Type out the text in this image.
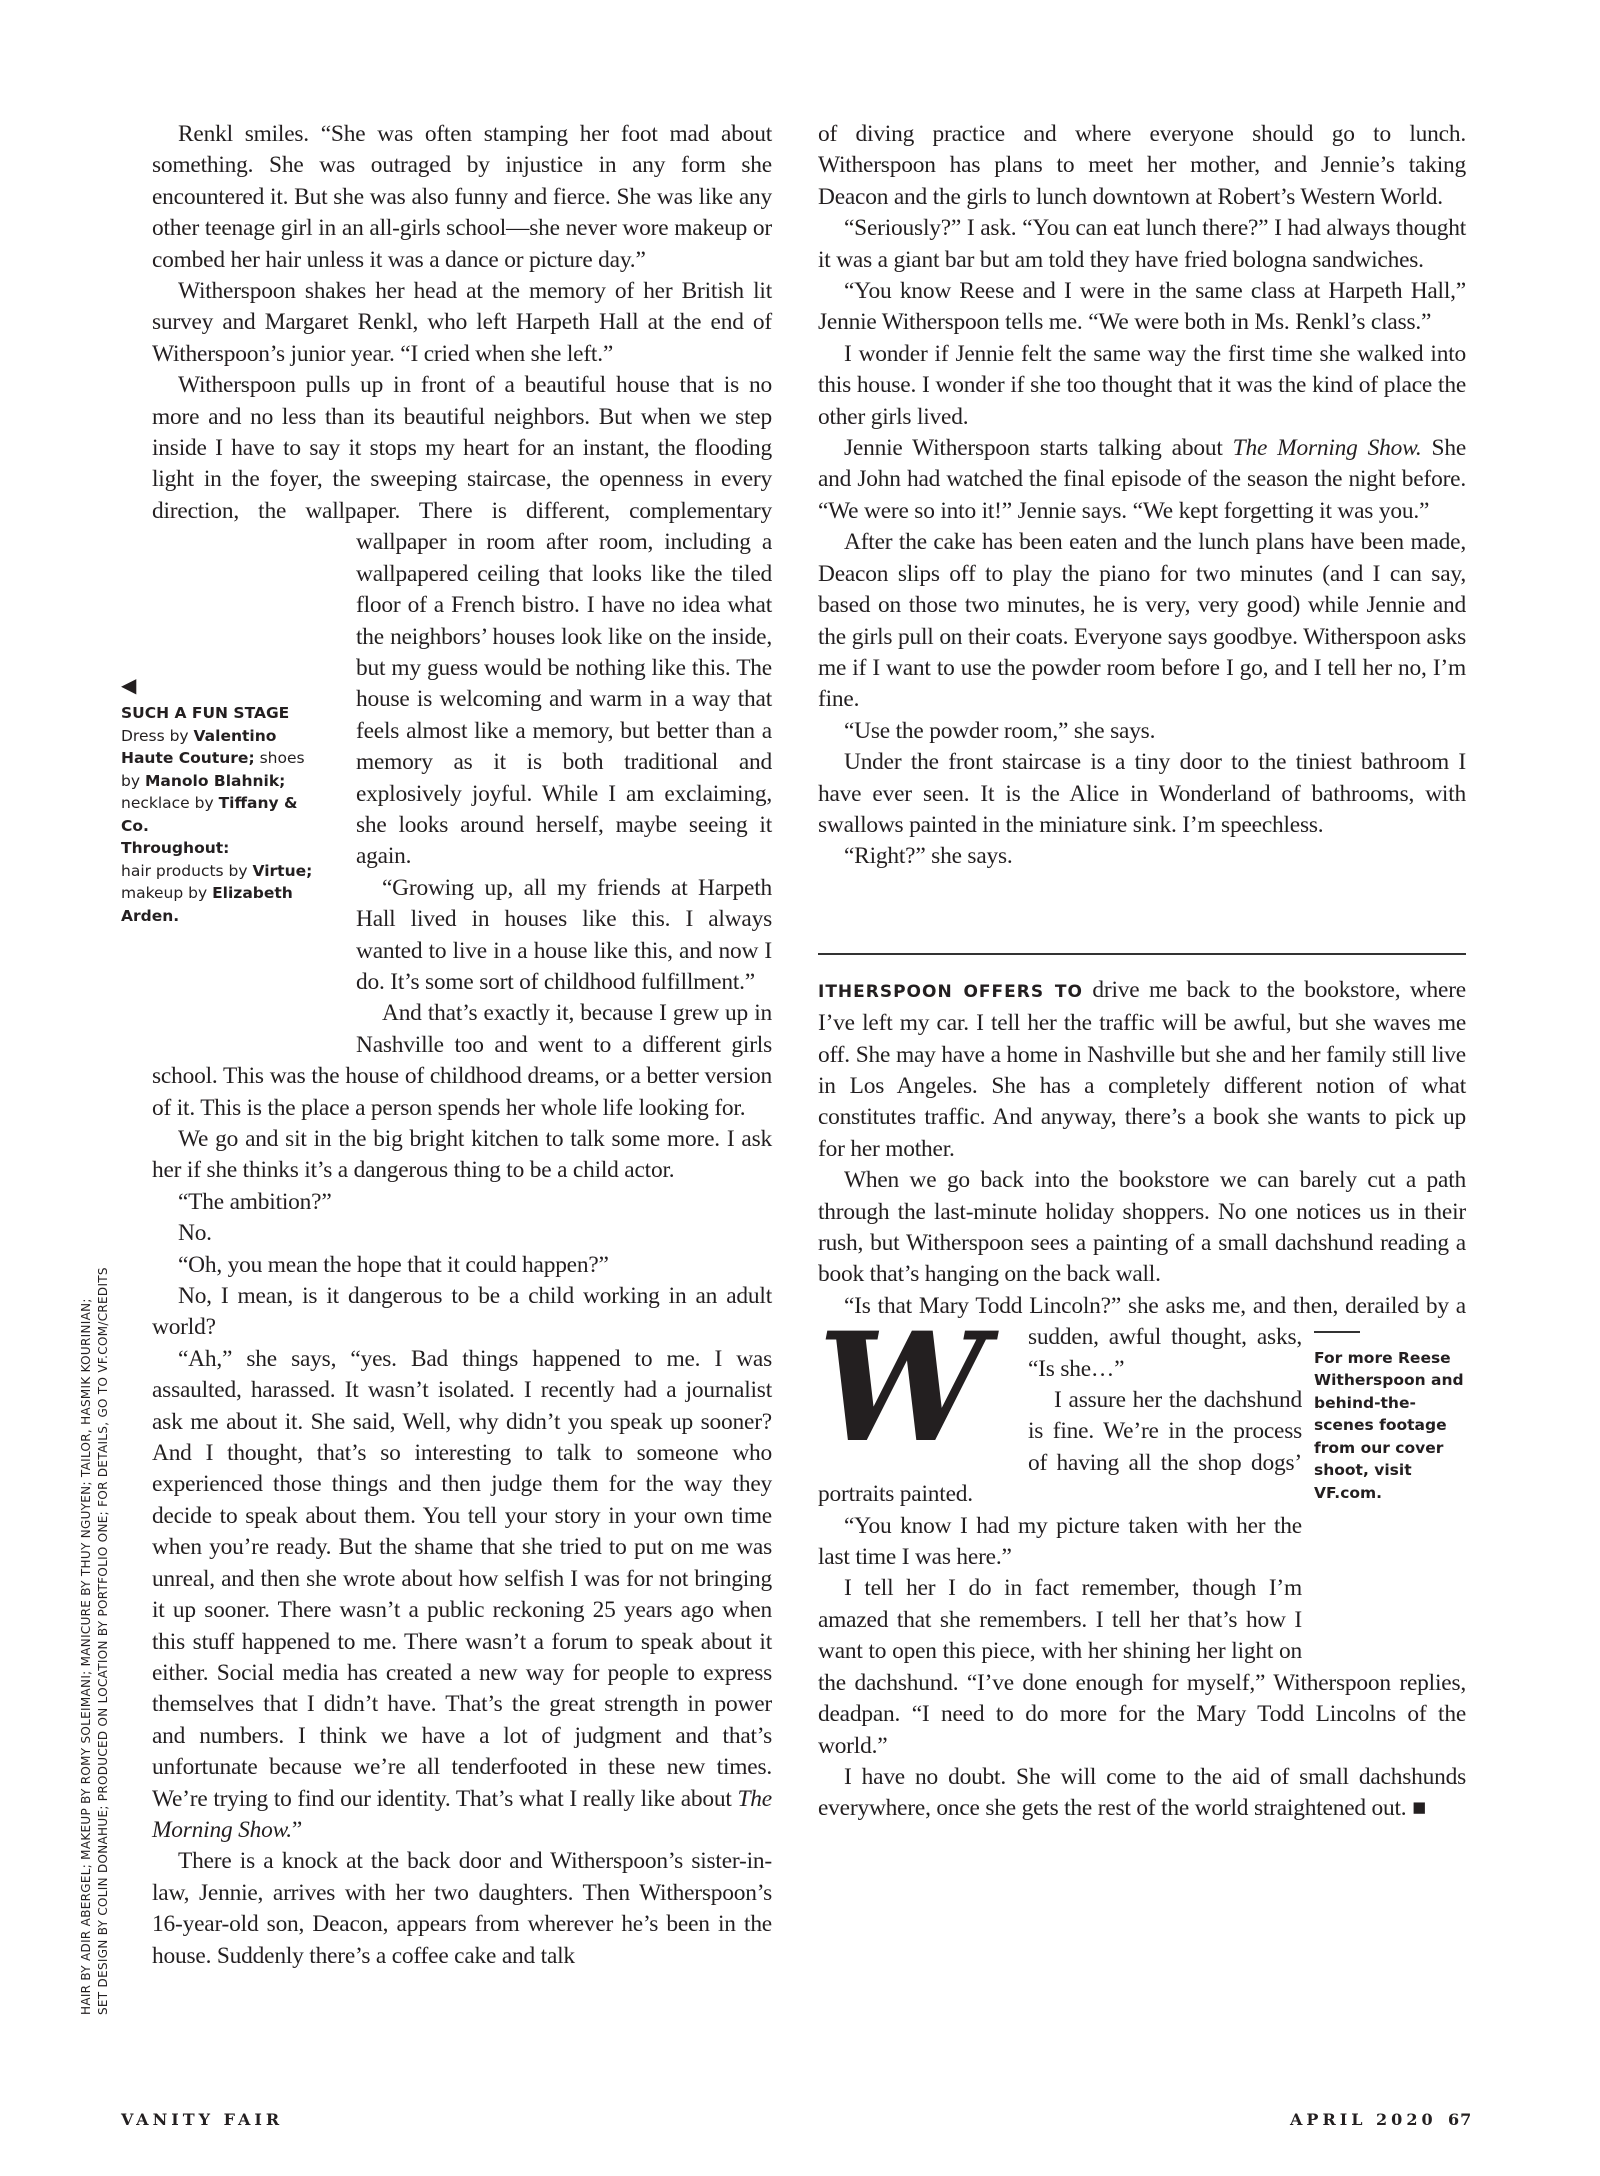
◀
SUCH A FUN STAGE
Dress by Valentino Haute Couture; shoes by Manolo Blahnik; necklace by Tiffany & Co.
Throughout:
hair products by Virtue; makeup by Elizabeth Arden.

Renkl smiles. “She was often stamping her foot mad about something. She was outraged by injustice in any form she encountered it. But she was also funny and fierce. She was like any other teenage girl in an all-girls school—she never wore makeup or combed her hair unless it was a dance or picture day.”

Witherspoon shakes her head at the memory of her British lit survey and Margaret Renkl, who left Harpeth Hall at the end of Witherspoon’s junior year. “I cried when she left.”

Witherspoon pulls up in front of a beautiful house that is no more and no less than its beautiful neighbors. But when we step inside I have to say it stops my heart for an instant, the flooding light in the foyer, the sweeping staircase, the openness in every direction, the wallpaper. There is different, complementary wallpaper in room after room, including a wallpapered ceiling that looks like the tiled floor of a French bistro. I have no idea what the neighbors’ houses look like on the inside, but my guess would be nothing like this. The house is welcoming and warm in a way that feels almost like a memory, but better than a memory as it is both traditional and explosively joyful. While I am exclaiming, she looks around herself, maybe seeing it again.

“Growing up, all my friends at Harpeth Hall lived in houses like this. I always wanted to live in a house like this, and now I do. It’s some sort of childhood fulfillment.”

And that’s exactly it, because I grew up in Nashville too and went to a different girls school. This was the house of childhood dreams, or a better version of it. This is the place a person spends her whole life looking for.

We go and sit in the big bright kitchen to talk some more. I ask her if she thinks it’s a dangerous thing to be a child actor.

“The ambition?”

No.

“Oh, you mean the hope that it could happen?”

No, I mean, is it dangerous to be a child working in an adult world?

“Ah,” she says, “yes. Bad things happened to me. I was assaulted, harassed. It wasn’t isolated. I recently had a journalist ask me about it. She said, Well, why didn’t you speak up sooner? And I thought, that’s so interesting to talk to someone who experienced those things and then judge them for the way they decide to speak about them. You tell your story in your own time when you’re ready. But the shame that she tried to put on me was unreal, and then she wrote about how selfish I was for not bringing it up sooner. There wasn’t a public reckoning 25 years ago when this stuff happened to me. There wasn’t a forum to speak about it either. Social media has created a new way for people to express themselves that I didn’t have. That’s the great strength in power and numbers. I think we have a lot of judgment and that’s unfortunate because we’re all tenderfooted in these new times. We’re trying to find our identity. That’s what I really like about The Morning Show.”

There is a knock at the back door and Witherspoon’s sister-in-law, Jennie, arrives with her two daughters. Then Witherspoon’s 16-year-old son, Deacon, appears from wherever he’s been in the house. Suddenly there’s a coffee cake and talk

of diving practice and where everyone should go to lunch. Witherspoon has plans to meet her mother, and Jennie’s taking Deacon and the girls to lunch downtown at Robert’s Western World.

“Seriously?” I ask. “You can eat lunch there?” I had always thought it was a giant bar but am told they have fried bologna sandwiches.

“You know Reese and I were in the same class at Harpeth Hall,” Jennie Witherspoon tells me. “We were both in Ms. Renkl’s class.”

I wonder if Jennie felt the same way the first time she walked into this house. I wonder if she too thought that it was the kind of place the other girls lived.

Jennie Witherspoon starts talking about The Morning Show. She and John had watched the final episode of the season the night before. “We were so into it!” Jennie says. “We kept forgetting it was you.”

After the cake has been eaten and the lunch plans have been made, Deacon slips off to play the piano for two minutes (and I can say, based on those two minutes, he is very, very good) while Jennie and the girls pull on their coats. Everyone says goodbye. Witherspoon asks me if I want to use the powder room before I go, and I tell her no, I’m fine.

“Use the powder room,” she says.

Under the front staircase is a tiny door to the tiniest bathroom I have ever seen. It is the Alice in Wonderland of bathrooms, with swallows painted in the miniature sink. I’m speechless.

“Right?” she says.

For more Reese Witherspoon and behind-the-scenes footage from our cover shoot, visit VF.com.
W

ITHERSPOON OFFERS TO drive me back to the bookstore, where I’ve left my car. I tell her the traffic will be awful, but she waves me off. She may have a home in Nashville but she and her family still live in Los Angeles. She has a completely different notion of what constitutes traffic. And anyway, there’s a book she wants to pick up for her mother.

When we go back into the bookstore we can barely cut a path through the last-minute holiday shoppers. No one notices us in their rush, but Witherspoon sees a painting of a small dachshund reading a book that’s hanging on the back wall.

“Is that Mary Todd Lincoln?” she asks me, and then, derailed by a sudden, awful thought, asks, “Is she…”

I assure her the dachshund is fine. We’re in the process of having all the shop dogs’ portraits painted.

“You know I had my picture taken with her the last time I was here.”

I tell her I do in fact remember, though I’m amazed that she remembers. I tell her that’s how I want to open this piece, with her shining her light on the dachshund. “I’ve done enough for myself,” Witherspoon replies, deadpan. “I need to do more for the Mary Todd Lincolns of the world.”

I have no doubt. She will come to the aid of small dachshunds everywhere, once she gets the rest of the world straightened out. ■

HAIR BY ADIR ABERGEL; MAKEUP BY ROMY SOLEIMANI; MANICURE BY THUY NGUYEN; TAILOR, HASMIK KOURINIAN; SET DESIGN BY COLIN DONAHUE; PRODUCED ON LOCATION BY PORTFOLIO ONE; FOR DETAILS, GO TO VF.COM/CREDITS
VANITY FAIR	APRIL 2020 67
